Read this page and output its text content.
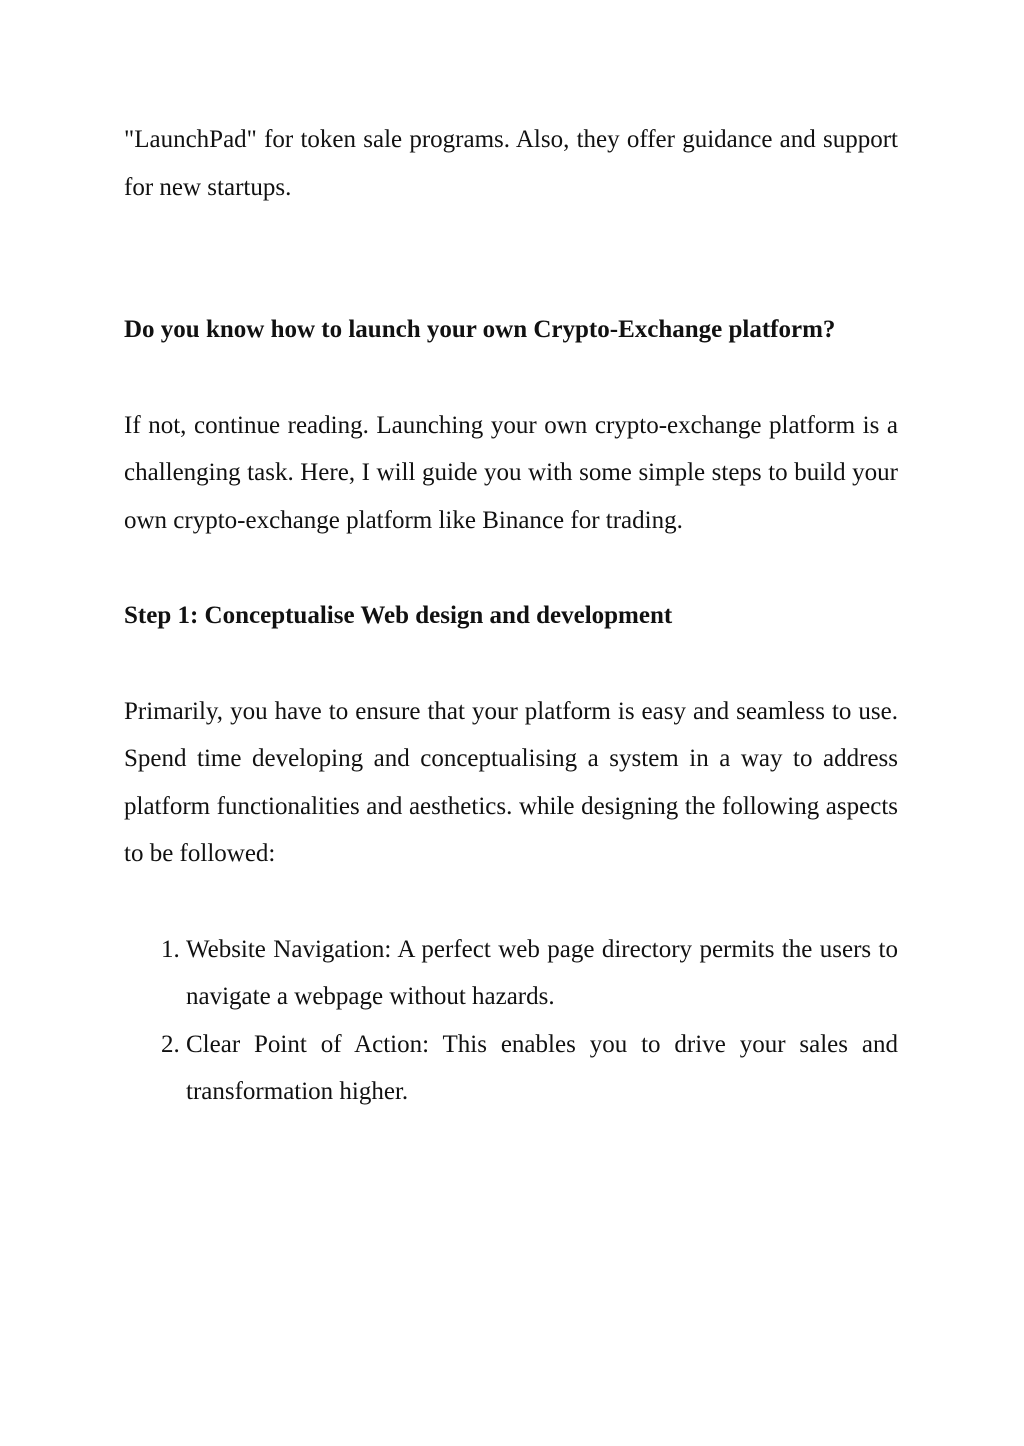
"LaunchPad" for token sale programs. Also, they offer guidance and support for new startups.

Do you know how to launch your own Crypto-Exchange platform?

If not, continue reading. Launching your own crypto-exchange platform is a challenging task. Here, I will guide you with some simple steps to build your own crypto-exchange platform like Binance for trading.

Step 1: Conceptualise Web design and development

Primarily, you have to ensure that your platform is easy and seamless to use. Spend time developing and conceptualising a system in a way to address platform functionalities and aesthetics. while designing the following aspects to be followed:

1. Website Navigation: A perfect web page directory permits the users to navigate a webpage without hazards.
2. Clear Point of Action: This enables you to drive your sales and transformation higher.
